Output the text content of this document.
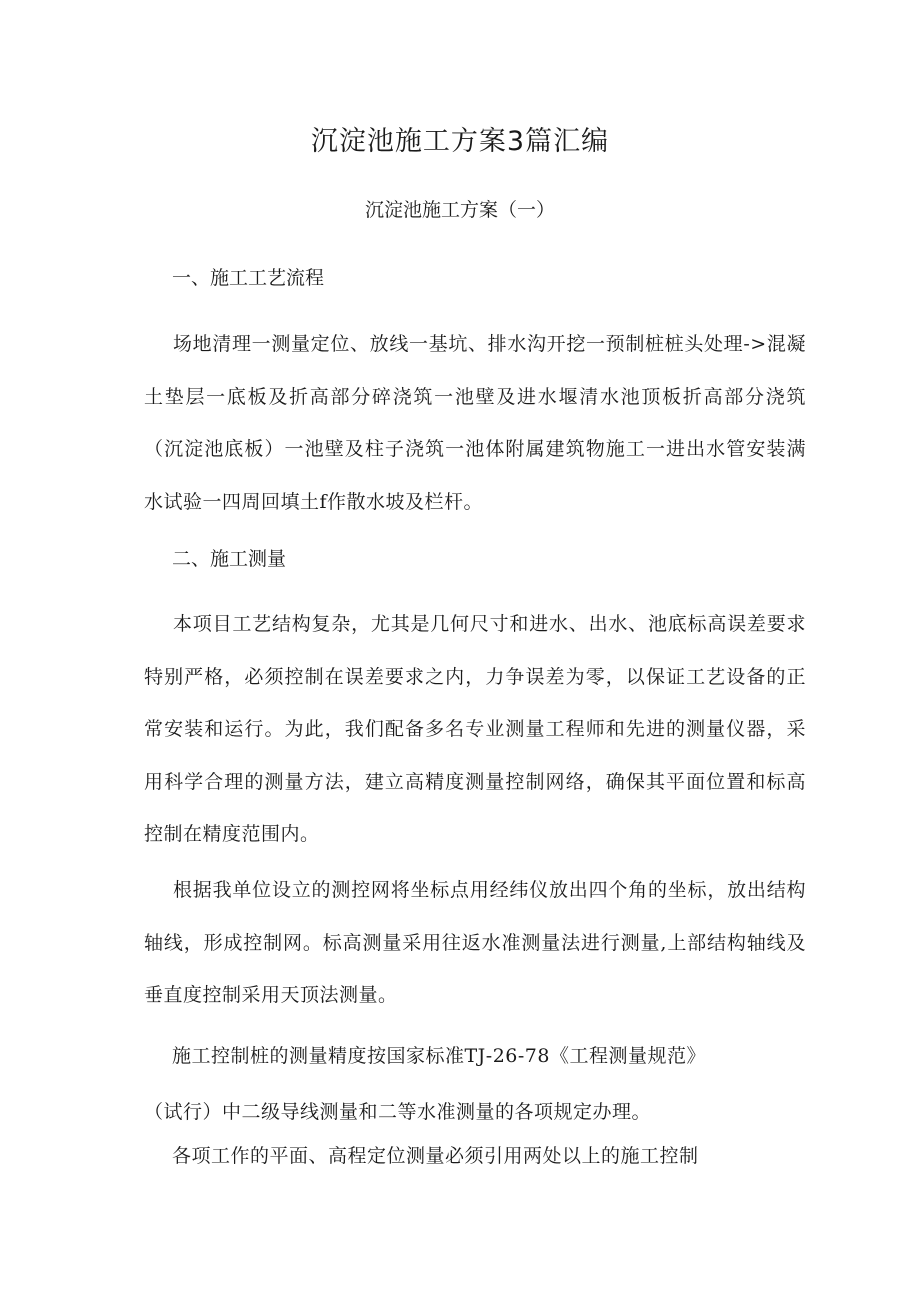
沉淀池施工方案3篇汇编
沉淀池施工方案（一）
一、施工工艺流程
场地清理一测量定位、放线一基坑、排水沟开挖一预制桩桩头处理->混凝土垫层一底板及折高部分碎浇筑一池壁及进水堰清水池顶板折高部分浇筑（沉淀池底板）一池壁及柱子浇筑一池体附属建筑物施工一进出水管安装满水试验一四周回填土f作散水坡及栏杆。
二、施工测量
本项目工艺结构复杂，尤其是几何尺寸和进水、出水、池底标高误差要求特别严格，必须控制在误差要求之内，力争误差为零，以保证工艺设备的正常安装和运行。为此，我们配备多名专业测量工程师和先进的测量仪器，采用科学合理的测量方法，建立高精度测量控制网络，确保其平面位置和标高控制在精度范围内。
根据我单位设立的测控网将坐标点用经纬仪放出四个角的坐标，放出结构轴线，形成控制网。标高测量采用往返水准测量法进行测量,上部结构轴线及垂直度控制采用天顶法测量。
施工控制桩的测量精度按国家标准TJ-26-78《工程测量规范》
（试行）中二级导线测量和二等水准测量的各项规定办理。
各项工作的平面、高程定位测量必须引用两处以上的施工控制
